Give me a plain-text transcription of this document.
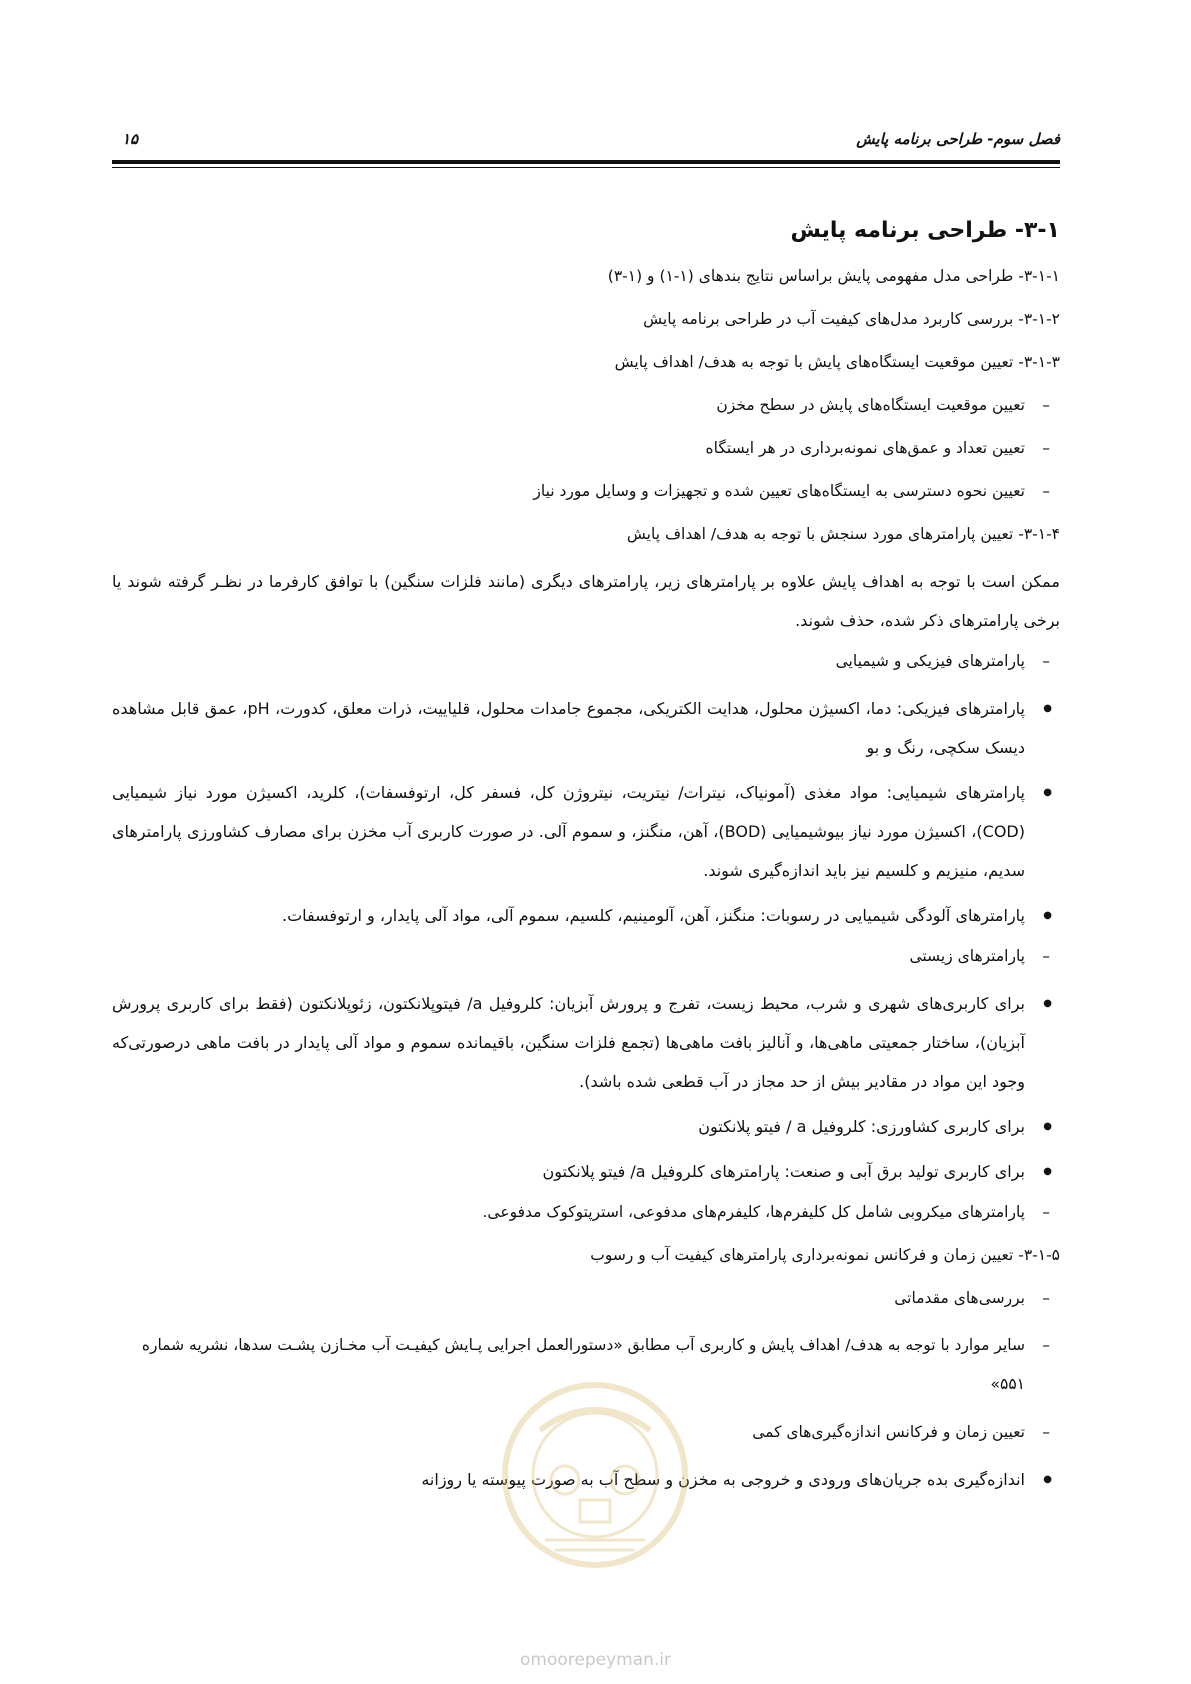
فصل سوم- طراحی برنامه پایش
۱۵
۳-۱- طراحی برنامه پایش
۳-۱-۱- طراحی مدل مفهومی پایش براساس نتایج بندهای (۱-۱) و (۱-۳)
۳-۱-۲- بررسی کاربرد مدل‌های کیفیت آب در طراحی برنامه پایش
۳-۱-۳- تعیین موقعیت ایستگاه‌های پایش با توجه به هدف/ اهداف پایش
– تعیین موقعیت ایستگاه‌های پایش در سطح مخزن
– تعیین تعداد و عمق‌های نمونه‌برداری در هر ایستگاه
– تعیین نحوه دسترسی به ایستگاه‌های تعیین شده و تجهیزات و وسایل مورد نیاز
۳-۱-۴- تعیین پارامترهای مورد سنجش با توجه به هدف/ اهداف پایش
ممکن است با توجه به اهداف پایش علاوه بر پارامترهای زیر، پارامترهای دیگری (مانند فلزات سنگین) با توافق کارفرما در نظـر گرفته شوند یا برخی پارامترهای ذکر شده، حذف شوند.
– پارامترهای فیزیکی و شیمیایی
● پارامترهای فیزیکی: دما، اکسیژن محلول، هدایت الکتریکی، مجموع جامدات محلول، قلیاییت، ذرات معلق، کدورت، pH، عمق قابل مشاهده دیسک سکچی، رنگ و بو
● پارامترهای شیمیایی: مواد مغذی (آمونیاک، نیترات/ نیتریت، نیتروژن کل، فسفر کل، ارتوفسفات)، کلرید، اکسیژن مورد نیاز شیمیایی (COD)، اکسیژن مورد نیاز بیوشیمیایی (BOD)، آهن، منگنز، و سموم آلی. در صورت کاربری آب مخزن برای مصارف کشاورزی پارامترهای سدیم، منیزیم و کلسیم نیز باید اندازه‌گیری شوند.
● پارامترهای آلودگی شیمیایی در رسوبات: منگنز، آهن، آلومینیم، کلسیم، سموم آلی، مواد آلی پایدار، و ارتوفسفات.
– پارامترهای زیستی
● برای کاربری‌های شهری و شرب، محیط زیست، تفرج و پرورش آبزیان: کلروفیل a/ فیتوپلانکتون، زئوپلانکتون (فقط برای کاربری پرورش آبزیان)، ساختار جمعیتی ماهی‌ها، و آنالیز بافت ماهی‌ها (تجمع فلزات سنگین، باقیمانده سموم و مواد آلی پایدار در بافت ماهی درصورتی‌که وجود این مواد در مقادیر بیش از حد مجاز در آب قطعی شده باشد).
● برای کاربری کشاورزی: کلروفیل a / فیتو پلانکتون
● برای کاربری تولید برق آبی و صنعت: پارامترهای کلروفیل a/ فیتو پلانکتون
– پارامترهای میکروبی شامل کل کلیفرم‌ها، کلیفرم‌های مدفوعی، استرپتوکوک مدفوعی.
۳-۱-۵- تعیین زمان و فرکانس نمونه‌برداری پارامترهای کیفیت آب و رسوب
– بررسی‌های مقدماتی
– سایر موارد با توجه به هدف/ اهداف پایش و کاربری آب مطابق «دستورالعمل اجرایی پـایش کیفیـت آب مخـازن پشـت سدها، نشریه شماره ۵۵۱»
– تعیین زمان و فرکانس اندازه‌گیری‌های کمی
● اندازه‌گیری بده جریان‌های ورودی و خروجی به مخزن و سطح آب به صورت پیوسته یا روزانه
omoorepeyman.ir
